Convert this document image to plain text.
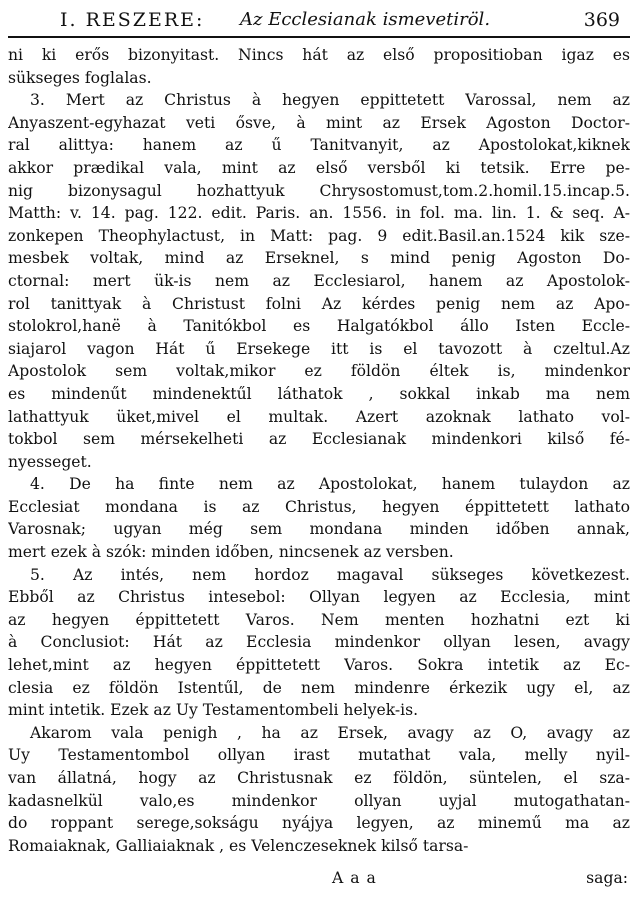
I. RESZERE: Az Ecclesianak ismevetiröl.	369
ni ki erős bizonyitast. Nincs hát az első propositioban igaz es
sükseges foglalas.
3. Mert az Christus à hegyen eppittetett Varossal, nem az
Anyaszent-egyhazat veti ősve, à mint az Ersek Agoston Doctor-
ral alittya: hanem az ű Tanitvanyit, az Apostolokat,kiknek
akkor prædikal vala, mint az első versből ki tetsik. Erre pe-
nig bizonysagul hozhattyuk Chrysostomust,tom.2.homil.15.incap.5.
Matth: v. 14. pag. 122. edit. Paris. an. 1556. in fol. ma. lin. 1. & seq. A-
zonkepen Theophylactust, in Matt: pag. 9 edit.Basil.an.1524 kik sze-
mesbek voltak, mind az Erseknel, s mind penig Agoston Do-
ctornal: mert ük-is nem az Ecclesiarol, hanem az Apostolok-
rol tanittyak à Christust folni Az kérdes penig nem az Apo-
stolokrol,hanë à Tanitókbol es Halgatókbol állo Isten Eccle-
siajarol vagon Hát ű Ersekege itt is el tavozott à czeltul.Az
Apostolok sem voltak,mikor ez földön éltek is, mindenkor
es mindenűt mindenektűl láthatok , sokkal inkab ma nem
lathattyuk üket,mivel el multak. Azert azoknak lathato vol-
tokbol sem mérsekelheti az Ecclesianak mindenkori kilső fé-
nyesseget.
4. De ha finte nem az Apostolokat, hanem tulaydon az
Ecclesiat mondana is az Christus, hegyen éppittetett lathato
Varosnak; ugyan még sem mondana minden időben annak,
mert ezek à szók: minden időben, nincsenek az versben.
5. Az intés, nem hordoz magaval sükseges következest.
Ebből az Christus intesebol: Ollyan legyen az Ecclesia, mint
az hegyen éppittetett Varos. Nem menten hozhatni ezt ki
à Conclusiot: Hát az Ecclesia mindenkor ollyan lesen, avagy
lehet,mint az hegyen éppittetett Varos. Sokra intetik az Ec-
clesia ez földön Istentűl, de nem mindenre érkezik ugy el, az
mint intetik. Ezek az Uy Testamentombeli helyek-is.
Akarom vala penigh , ha az Ersek, avagy az O, avagy az
Uy Testamentombol ollyan irast mutathat vala, melly nyil-
van állatná, hogy az Christusnak ez földön, süntelen, el sza-
kadasnelkül valo,es mindenkor ollyan uyjal mutogathatan-
do roppant serege,sokságu nyájya legyen, az minemű ma az
Romaiaknak, Galliaiaknak , es Velenczeseknek kilső tarsa-
A a a	saga:
